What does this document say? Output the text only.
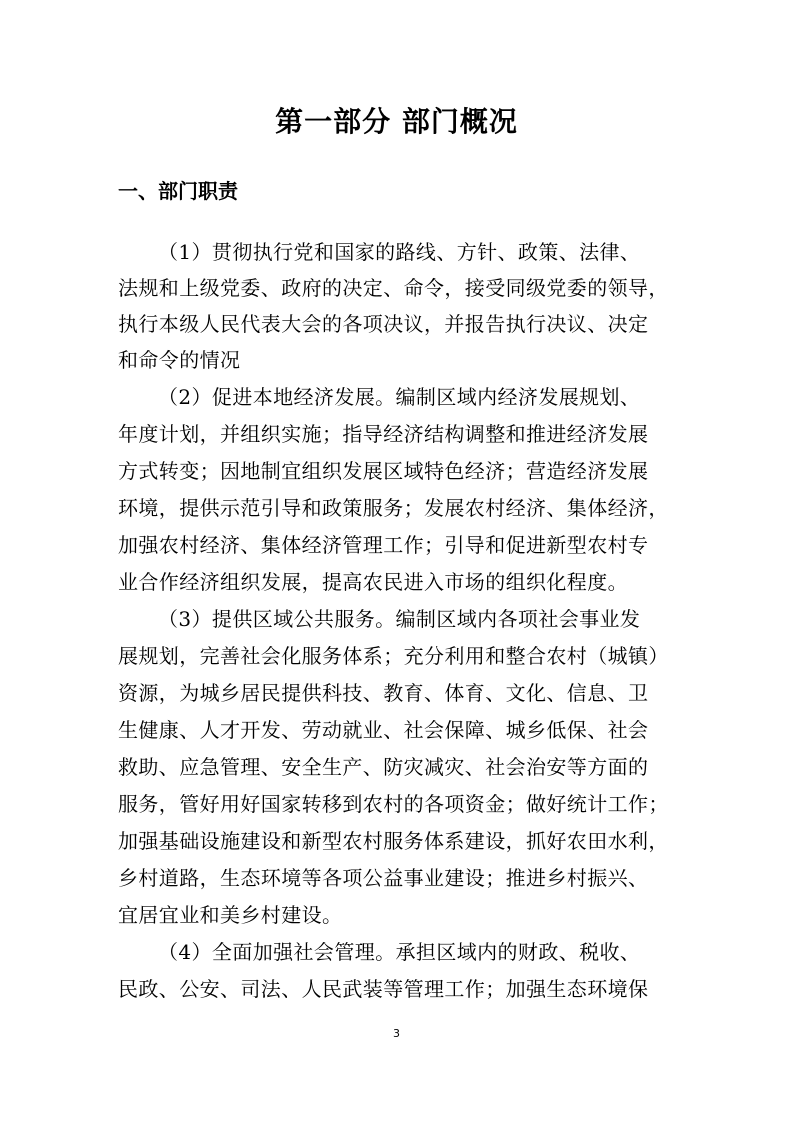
第一部分 部门概况
一、部门职责
（1）贯彻执行党和国家的路线、方针、政策、法律、
法规和上级党委、政府的决定、命令，接受同级党委的领导，
执行本级人民代表大会的各项决议，并报告执行决议、决定
和命令的情况
（2）促进本地经济发展。编制区域内经济发展规划、
年度计划，并组织实施；指导经济结构调整和推进经济发展
方式转变；因地制宜组织发展区域特色经济；营造经济发展
环境，提供示范引导和政策服务；发展农村经济、集体经济，
加强农村经济、集体经济管理工作；引导和促进新型农村专
业合作经济组织发展，提高农民进入市场的组织化程度。
（3）提供区域公共服务。编制区域内各项社会事业发
展规划，完善社会化服务体系；充分利用和整合农村（城镇）
资源，为城乡居民提供科技、教育、体育、文化、信息、卫
生健康、人才开发、劳动就业、社会保障、城乡低保、社会
救助、应急管理、安全生产、防灾减灾、社会治安等方面的
服务，管好用好国家转移到农村的各项资金；做好统计工作；
加强基础设施建设和新型农村服务体系建设，抓好农田水利，
乡村道路，生态环境等各项公益事业建设；推进乡村振兴、
宜居宜业和美乡村建设。
（4）全面加强社会管理。承担区域内的财政、税收、
民政、公安、司法、人民武装等管理工作；加强生态环境保
3
